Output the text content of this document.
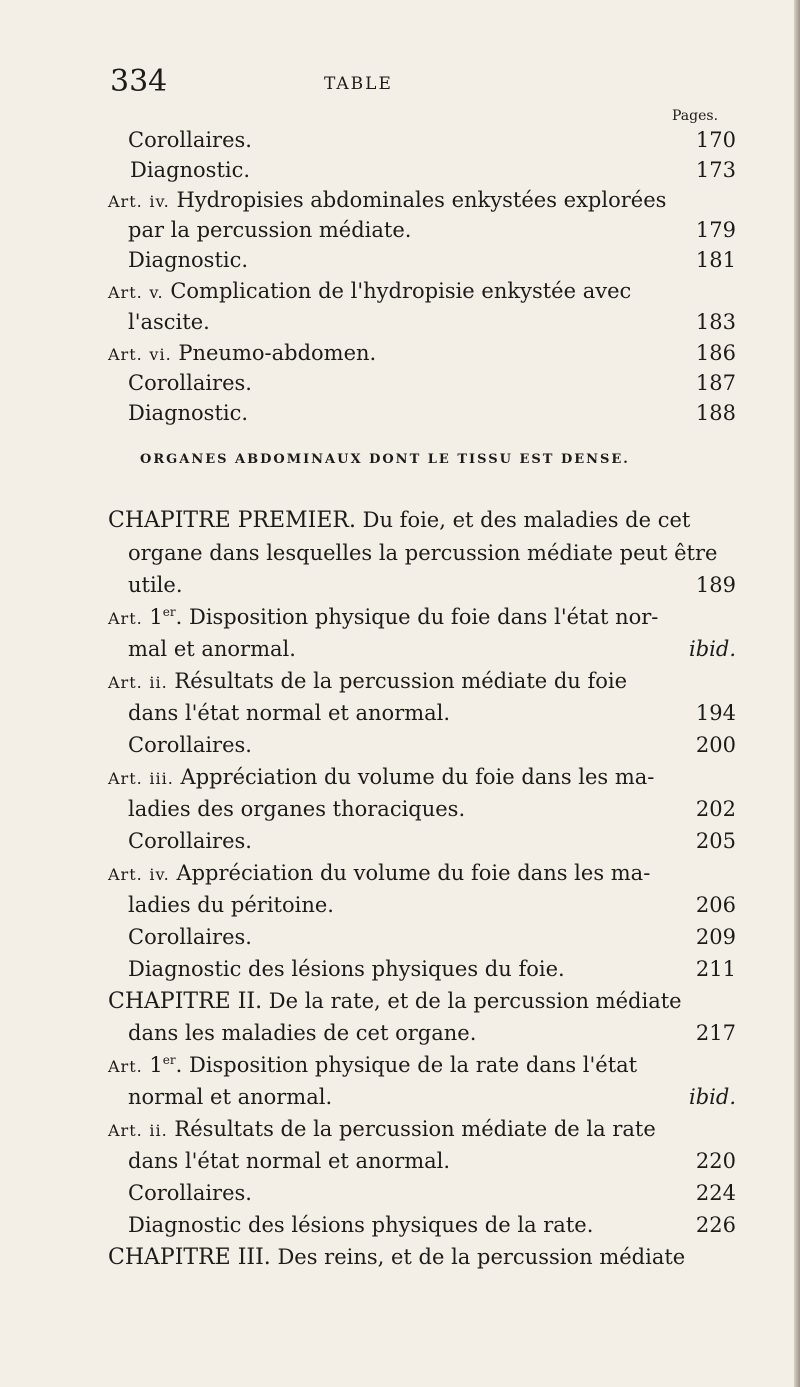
334	TABLE
Pages.
Corollaires.	170
Diagnostic.	173
Art. iv. Hydropisies abdominales enkystées explorées
par la percussion médiate.	179
Diagnostic.	181
Art. v. Complication de l'hydropisie enkystée avec
l'ascite.	183
Art. vi. Pneumo-abdomen.	186
Corollaires.	187
Diagnostic.	188
ORGANES ABDOMINAUX DONT LE TISSU EST DENSE.
CHAPITRE PREMIER. Du foie, et des maladies de cet
organe dans lesquelles la percussion médiate peut être
utile.	189
Art. 1er. Disposition physique du foie dans l'état nor-
mal et anormal.	ibid.
Art. ii. Résultats de la percussion médiate du foie
dans l'état normal et anormal.	194
Corollaires.	200
Art. iii. Appréciation du volume du foie dans les ma-
ladies des organes thoraciques.	202
Corollaires.	205
Art. iv. Appréciation du volume du foie dans les ma-
ladies du péritoine.	206
Corollaires.	209
Diagnostic des lésions physiques du foie.	211
CHAPITRE II. De la rate, et de la percussion médiate
dans les maladies de cet organe.	217
Art. 1er. Disposition physique de la rate dans l'état
normal et anormal.	ibid.
Art. ii. Résultats de la percussion médiate de la rate
dans l'état normal et anormal.	220
Corollaires.	224
Diagnostic des lésions physiques de la rate.	226
CHAPITRE III. Des reins, et de la percussion médiate
